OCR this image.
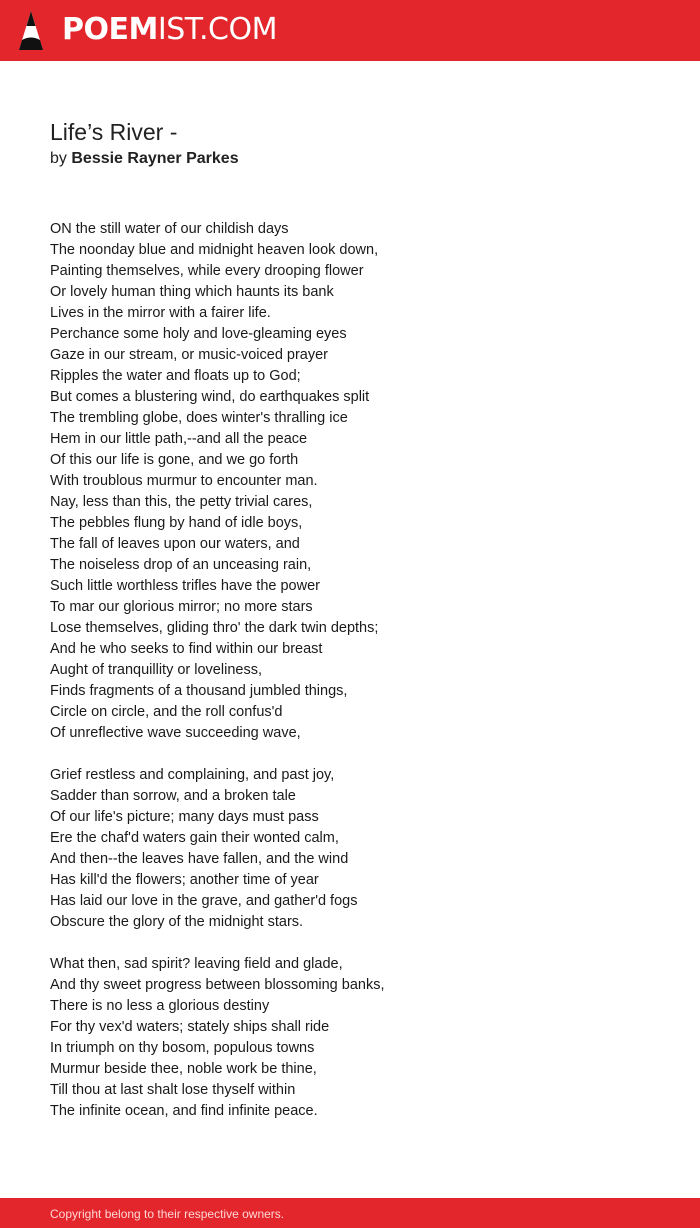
POEMIST.COM
Life’s River -
by Bessie Rayner Parkes
ON the still water of our childish days
The noonday blue and midnight heaven look down,
Painting themselves, while every drooping flower
Or lovely human thing which haunts its bank
Lives in the mirror with a fairer life.
Perchance some holy and love-gleaming eyes
Gaze in our stream, or music-voiced prayer
Ripples the water and floats up to God;
But comes a blustering wind, do earthquakes split
The trembling globe, does winter's thralling ice
Hem in our little path,--and all the peace
Of this our life is gone, and we go forth
With troublous murmur to encounter man.
Nay, less than this, the petty trivial cares,
The pebbles flung by hand of idle boys,
The fall of leaves upon our waters, and
The noiseless drop of an unceasing rain,
Such little worthless trifles have the power
To mar our glorious mirror; no more stars
Lose themselves, gliding thro' the dark twin depths;
And he who seeks to find within our breast
Aught of tranquillity or loveliness,
Finds fragments of a thousand jumbled things,
Circle on circle, and the roll confus'd
Of unreflective wave succeeding wave,
Grief restless and complaining, and past joy,
Sadder than sorrow, and a broken tale
Of our life's picture; many days must pass
Ere the chaf'd waters gain their wonted calm,
And then--the leaves have fallen, and the wind
Has kill'd the flowers; another time of year
Has laid our love in the grave, and gather'd fogs
Obscure the glory of the midnight stars.
What then, sad spirit? leaving field and glade,
And thy sweet progress between blossoming banks,
There is no less a glorious destiny
For thy vex'd waters; stately ships shall ride
In triumph on thy bosom, populous towns
Murmur beside thee, noble work be thine,
Till thou at last shalt lose thyself within
The infinite ocean, and find infinite peace.
Copyright belong to their respective owners.
